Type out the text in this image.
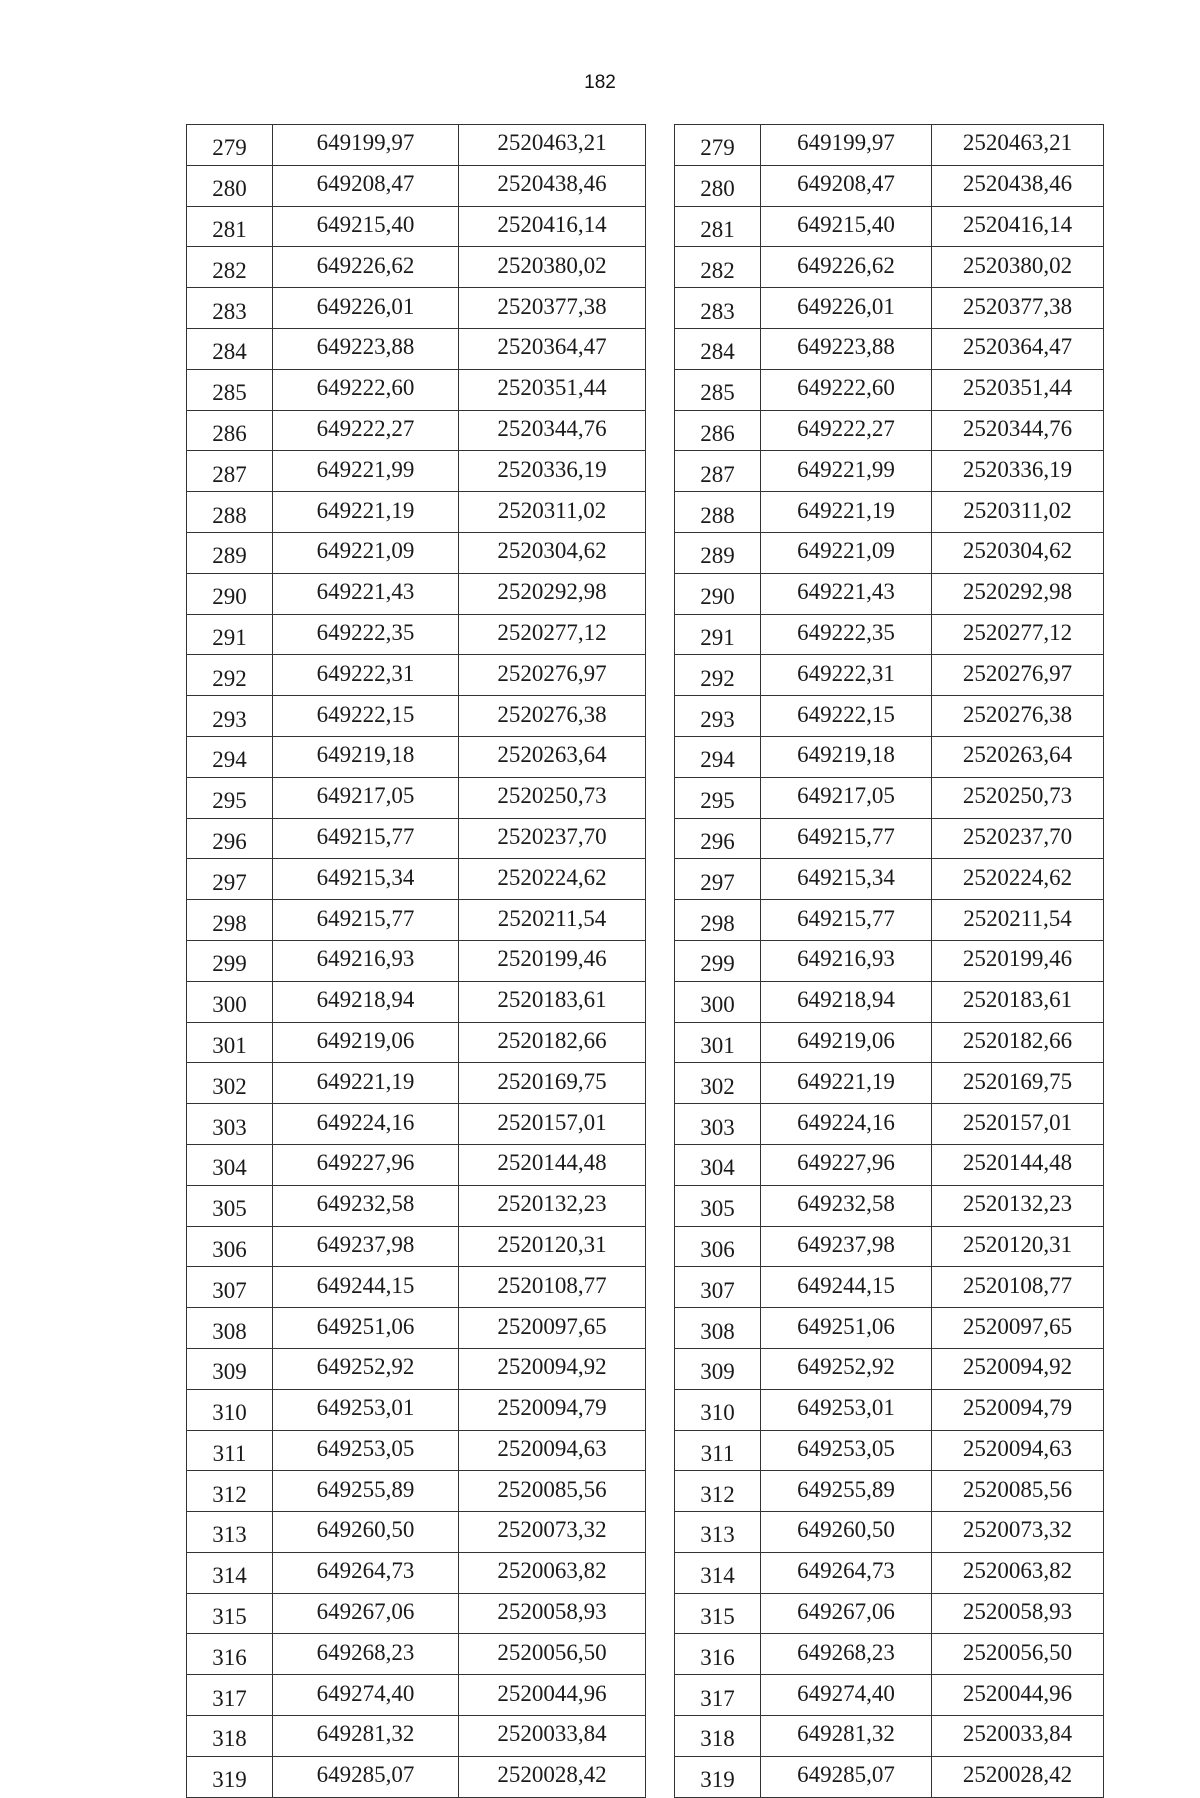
182
279	649199,97	2520463,21
280	649208,47	2520438,46
281	649215,40	2520416,14
282	649226,62	2520380,02
283	649226,01	2520377,38
284	649223,88	2520364,47
285	649222,60	2520351,44
286	649222,27	2520344,76
287	649221,99	2520336,19
288	649221,19	2520311,02
289	649221,09	2520304,62
290	649221,43	2520292,98
291	649222,35	2520277,12
292	649222,31	2520276,97
293	649222,15	2520276,38
294	649219,18	2520263,64
295	649217,05	2520250,73
296	649215,77	2520237,70
297	649215,34	2520224,62
298	649215,77	2520211,54
299	649216,93	2520199,46
300	649218,94	2520183,61
301	649219,06	2520182,66
302	649221,19	2520169,75
303	649224,16	2520157,01
304	649227,96	2520144,48
305	649232,58	2520132,23
306	649237,98	2520120,31
307	649244,15	2520108,77
308	649251,06	2520097,65
309	649252,92	2520094,92
310	649253,01	2520094,79
311	649253,05	2520094,63
312	649255,89	2520085,56
313	649260,50	2520073,32
314	649264,73	2520063,82
315	649267,06	2520058,93
316	649268,23	2520056,50
317	649274,40	2520044,96
318	649281,32	2520033,84
319	649285,07	2520028,42
279	649199,97	2520463,21
280	649208,47	2520438,46
281	649215,40	2520416,14
282	649226,62	2520380,02
283	649226,01	2520377,38
284	649223,88	2520364,47
285	649222,60	2520351,44
286	649222,27	2520344,76
287	649221,99	2520336,19
288	649221,19	2520311,02
289	649221,09	2520304,62
290	649221,43	2520292,98
291	649222,35	2520277,12
292	649222,31	2520276,97
293	649222,15	2520276,38
294	649219,18	2520263,64
295	649217,05	2520250,73
296	649215,77	2520237,70
297	649215,34	2520224,62
298	649215,77	2520211,54
299	649216,93	2520199,46
300	649218,94	2520183,61
301	649219,06	2520182,66
302	649221,19	2520169,75
303	649224,16	2520157,01
304	649227,96	2520144,48
305	649232,58	2520132,23
306	649237,98	2520120,31
307	649244,15	2520108,77
308	649251,06	2520097,65
309	649252,92	2520094,92
310	649253,01	2520094,79
311	649253,05	2520094,63
312	649255,89	2520085,56
313	649260,50	2520073,32
314	649264,73	2520063,82
315	649267,06	2520058,93
316	649268,23	2520056,50
317	649274,40	2520044,96
318	649281,32	2520033,84
319	649285,07	2520028,42
